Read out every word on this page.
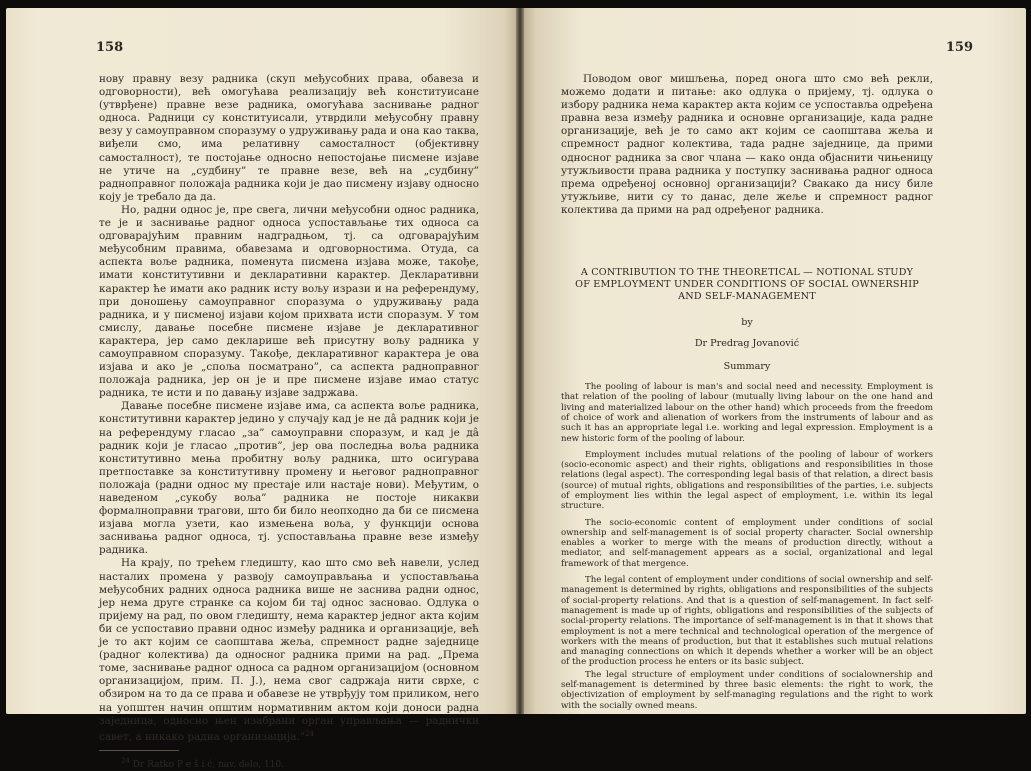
158	159

нову правну везу радника (скуп међусобних права, обавеза и одговорности), већ омогућава реализацију већ конституисане (утврђене) правне везе радника, омогућава заснивање радног односа. Радници су конституисали, утврдили међусобну правну везу у самоуправном споразуму о удруживању рада и она као таква, виђели смо, има релативну самосталност (објективну самосталност), те постојање односно непостојање писмене изјаве не утиче на „судбину” те правне везе, већ на „судбину” радноправног положаја радника који је дао писмену изјаву односно коју је требало да да.

Но, радни однос је, пре свега, лични међусобни однос радника, те је и заснивање радног односа успостављање тих односа са одговарајућим правним надградњом, тј. са одговарајућим међусобним правима, обавезама и одговорностима. Отуда, са аспекта воље радника, поменута писмена изјава може, такође, имати конститутивни и декларативни карактер. Декларативни карактер ће имати ако радник исту вољу изрази и на референдуму, при доношењу самоуправног споразума о удруживању рада радника, и у писменој изјави којом прихвата исти споразум. У том смислу, давање посебне писмене изјаве је декларативног карактера, јер само декларише већ присутну вољу радника у самоуправном споразуму. Такође, декларативног карактера је ова изјава и ако је „споља посматрано”, са аспекта радноправног положаја радника, јер он је и пре писмене изјаве имао статус радника, те исти и по давању изјаве задржава.

Давање посебне писмене изјаве има, са аспекта воље радника, конститутивни карактер једино у случају кад је не дâ радник који је на референдуму гласао „за” самоуправни споразум, и кад је дâ радник који је гласао „против”, јер ова последња воља радника конститутивно мења пробитну вољу радника, што осигурава претпоставке за конститутивну промену и његовог радноправног положаја (радни однос му престаје или настаје нови). Међутим, о наведеном „сукобу воља” радника не постоје никакви формалноправни трагови, што би било неопходно да би се писмена изјава могла узети, као измењена воља, у функцији основа заснивања радног односа, тј. успостављања правне везе између радника.

На крају, по трећем гледишту, као што смо већ навели, услед насталих промена у развоју самоуправљања и успостављања међусобних радних односа радника више не заснива радни однос, јер нема друге странке са којом би тај однос засновао. Одлука о пријему на рад, по овом гледишту, нема карактер једног акта којим би се успоставио правни однос између радника и организације, већ је то акт којим се саопштава жеља, спремност радне заједнице (радног колектива) да односног радника прими на рад. „Према томе, заснивање радног односа са радном организацијом (основном организацијом, прим. П. Ј.), нема свог садржаја нити сврхе, с обзиром на то да се права и обавезе не утврђују том приликом, него на уопштен начин општим нормативним актом који доноси радна заједница, односно њен изабрани орган управљања — раднички савет, а никако радна организација.”$^{24}$

$^{24}$ Dr Ratko P e š i ć, nav. delo, 110.

Поводом овог мишљења, поред онога што смо већ рекли, можемо додати и питање: ако одлука о пријему, тј. одлука о избору радника нема карактер акта којим се успоставља одређена правна веза између радника и основне организације, када радне организације, већ је то само акт којим се саопштава жеља и спремност радног колектива, тада радне заједнице, да прими односног радника за свог члана — како онда објаснити чињеницу утужљивости права радника у поступку заснивања радног односа према одређеној основној организацији? Свакако да нису биле утужљиве, нити су то данас, деле жеље и спремност радног колектива да прими на рад одређеног радника.

A CONTRIBUTION TO THE THEORETICAL — NOTIONAL STUDY

OF EMPLOYMENT UNDER CONDITIONS OF SOCIAL OWNERSHIP

AND SELF-MANAGEMENT

by

Dr Predrag Jovanović

Summary

The pooling of labour is man's and social need and necessity. Employment is that relation of the pooling of labour (mutually living labour on the one hand and living and materialized labour on the other hand) which proceeds from the freedom of choice of work and alienation of workers from the instruments of labour and as such it has an appropriate legal i.e. working and legal expression. Employment is a new historic form of the pooling of labour.

Employment includes mutual relations of the pooling of labour of workers (socio-economic aspect) and their rights, obligations and responsibilities in those relations (legal aspect). The corresponding legal basis of that relation, a direct basis (source) of mutual rights, obligations and responsibilities of the parties, i.e. subjects of employment lies within the legal aspect of employment, i.e. within its legal structure.

The socio-economic content of employment under conditions of social ownership and self-management is of social property character. Social ownership enables a worker to merge with the means of production directly, without a mediator, and self-management appears as a social, organizational and legal framework of that mergence.

The legal content of employment under conditions of social ownership and self-management is determined by rights, obligations and responsibilities of the subjects of social-property relations. And that is a question of self-management. In fact self-management is made up of rights, obligations and responsibilities of the subjects of social-property relations. The importance of self-management is in that it shows that employment is not a mere technical and technological operation of the mergence of workers with the means of production, but that it establishes such mutual relations and managing connections on which it depends whether a worker will be an object of the production process he enters or its basic subject.

The legal structure of employment under conditions of socialownership and self-management is determined by three basic elements: the right to work, the objectivization of employment by self-managing regulations and the right to work with the socially owned means.
